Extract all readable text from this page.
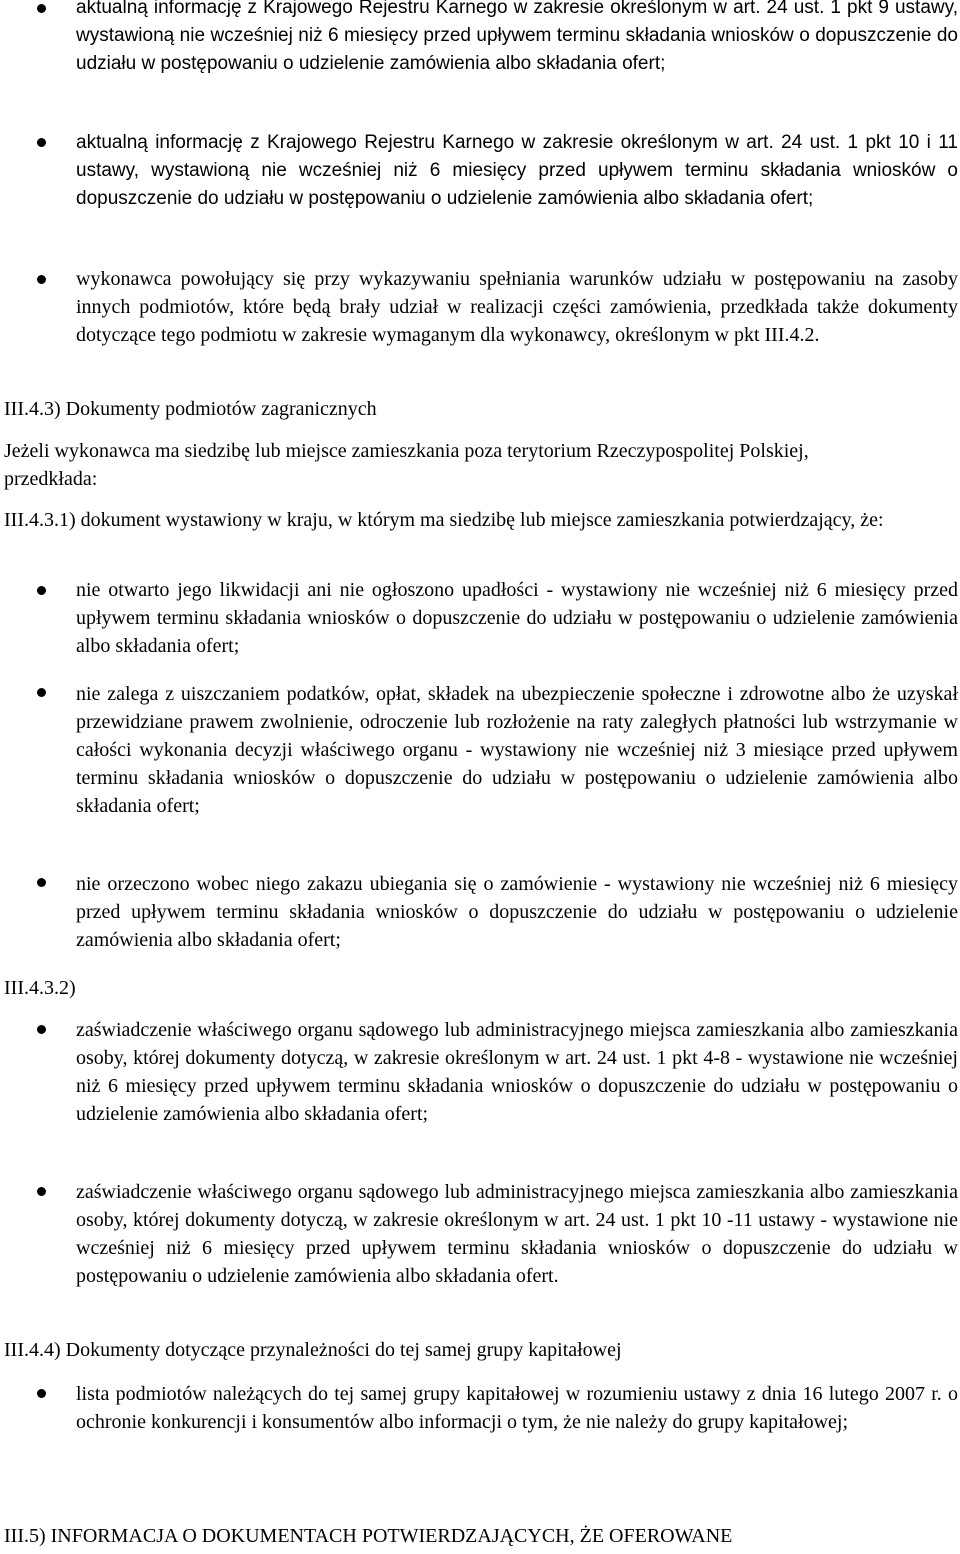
aktualną informację z Krajowego Rejestru Karnego w zakresie określonym w art. 24 ust. 1 pkt 9 ustawy, wystawioną nie wcześniej niż 6 miesięcy przed upływem terminu składania wniosków o dopuszczenie do udziału w postępowaniu o udzielenie zamówienia albo składania ofert;
aktualną informację z Krajowego Rejestru Karnego w zakresie określonym w art. 24 ust. 1 pkt 10 i 11 ustawy, wystawioną nie wcześniej niż 6 miesięcy przed upływem terminu składania wniosków o dopuszczenie do udziału w postępowaniu o udzielenie zamówienia albo składania ofert;
wykonawca powołujący się przy wykazywaniu spełniania warunków udziału w postępowaniu na zasoby innych podmiotów, które będą brały udział w realizacji części zamówienia, przedkłada także dokumenty dotyczące tego podmiotu w zakresie wymaganym dla wykonawcy, określonym w pkt III.4.2.
III.4.3) Dokumenty podmiotów zagranicznych
Jeżeli wykonawca ma siedzibę lub miejsce zamieszkania poza terytorium Rzeczypospolitej Polskiej, przedkłada:
III.4.3.1) dokument wystawiony w kraju, w którym ma siedzibę lub miejsce zamieszkania potwierdzający, że:
nie otwarto jego likwidacji ani nie ogłoszono upadłości - wystawiony nie wcześniej niż 6 miesięcy przed upływem terminu składania wniosków o dopuszczenie do udziału w postępowaniu o udzielenie zamówienia albo składania ofert;
nie zalega z uiszczaniem podatków, opłat, składek na ubezpieczenie społeczne i zdrowotne albo że uzyskał przewidziane prawem zwolnienie, odroczenie lub rozłożenie na raty zaległych płatności lub wstrzymanie w całości wykonania decyzji właściwego organu - wystawiony nie wcześniej niż 3 miesiące przed upływem terminu składania wniosków o dopuszczenie do udziału w postępowaniu o udzielenie zamówienia albo składania ofert;
nie orzeczono wobec niego zakazu ubiegania się o zamówienie - wystawiony nie wcześniej niż 6 miesięcy przed upływem terminu składania wniosków o dopuszczenie do udziału w postępowaniu o udzielenie zamówienia albo składania ofert;
III.4.3.2)
zaświadczenie właściwego organu sądowego lub administracyjnego miejsca zamieszkania albo zamieszkania osoby, której dokumenty dotyczą, w zakresie określonym w art. 24 ust. 1 pkt 4-8 - wystawione nie wcześniej niż 6 miesięcy przed upływem terminu składania wniosków o dopuszczenie do udziału w postępowaniu o udzielenie zamówienia albo składania ofert;
zaświadczenie właściwego organu sądowego lub administracyjnego miejsca zamieszkania albo zamieszkania osoby, której dokumenty dotyczą, w zakresie określonym w art. 24 ust. 1 pkt 10 -11 ustawy - wystawione nie wcześniej niż 6 miesięcy przed upływem terminu składania wniosków o dopuszczenie do udziału w postępowaniu o udzielenie zamówienia albo składania ofert.
III.4.4) Dokumenty dotyczące przynależności do tej samej grupy kapitałowej
lista podmiotów należących do tej samej grupy kapitałowej w rozumieniu ustawy z dnia 16 lutego 2007 r. o ochronie konkurencji i konsumentów albo informacji o tym, że nie należy do grupy kapitałowej;
III.5) INFORMACJA O DOKUMENTACH POTWIERDZAJĄCYCH, ŻE OFEROWANE
